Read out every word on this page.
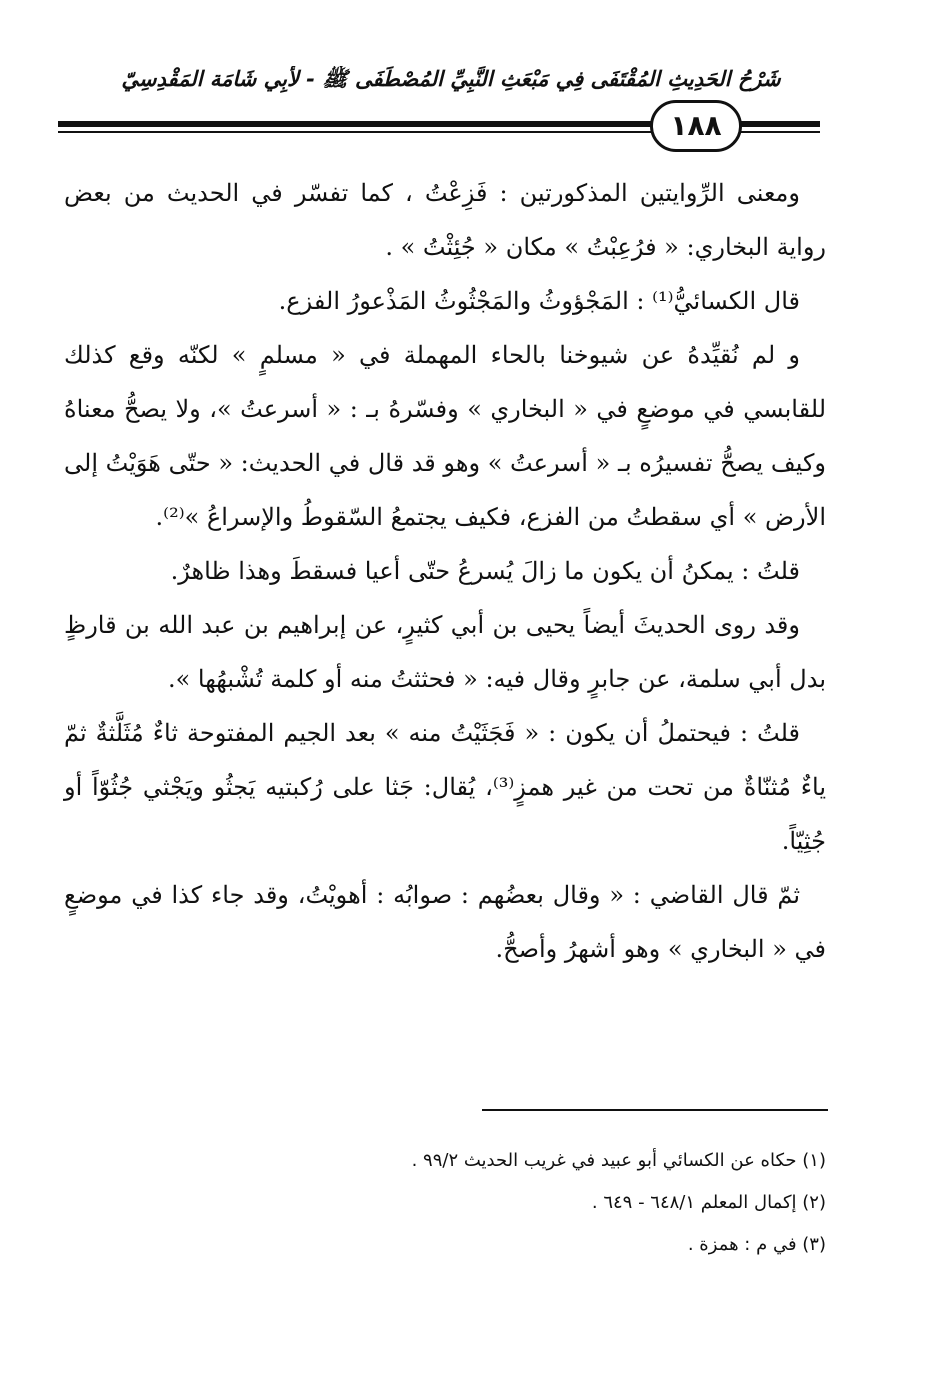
شَرْحُ الحَدِيثِ المُقْتَفَى فِي مَبْعَثِ النَّبِيِّ المُصْطَفَى ﷺ - لأَبِي شَامَة المَقْدِسِيّ
١٨٨

ومعنى الرِّوايتين المذكورتين : فَزِعْتُ ، كما تفسّر في الحديث من بعض رواية البخاري: « فرُعِبْتُ » مكان « جُئِثْتُ » .

قال الكسائيُّ⁽¹⁾ : المَجْؤوثُ والمَجْثُوثُ المَذْعورُ الفزع.

و لم نُقيِّدهُ عن شيوخنا بالحاء المهملة في « مسلمٍ » لكنّه وقع كذلك للقابسي في موضعٍ في « البخاري » وفسّرهُ بـ : « أسرعتُ »، ولا يصحُّ معناهُ وكيف يصحُّ تفسيرُه بـ « أسرعتُ » وهو قد قال في الحديث: « حتّى هَوَيْتُ إلى الأرض » أي سقطتُ من الفزع، فكيف يجتمعُ السّقوطُ والإسراعُ »⁽²⁾.

قلتُ : يمكنُ أن يكون ما زالَ يُسرعُ حتّى أعيا فسقطَ وهذا ظاهرٌ.

وقد روى الحديثَ أيضاً يحيى بن أبي كثيرٍ، عن إبراهيم بن عبد الله بن قارظٍ بدل أبي سلمة، عن جابرٍ وقال فيه: « فحثثتُ منه أو كلمة تُشْبهُها ».

قلتُ : فيحتملُ أن يكون : « فَجَثَيْتُ منه » بعد الجيم المفتوحة ثاءٌ مُثَلَّثةٌ ثمّ ياءٌ مُثنّاةٌ من تحت من غير همزٍ⁽³⁾، يُقال: جَثا على رُكبتيه يَجثُو ويَجْثي جُثُوّاً أو جُثِيّاً.

ثمّ قال القاضي : « وقال بعضُهم : صوابُه : أهويْتُ، وقد جاء كذا في موضعٍ في « البخاري » وهو أشهرُ وأصحُّ.

(١) حكاه عن الكسائي أبو عبيد في غريب الحديث ٩٩/٢ .
(٢) إكمال المعلم ٦٤٨/١ - ٦٤٩ .
(٣) في م : همزة .
